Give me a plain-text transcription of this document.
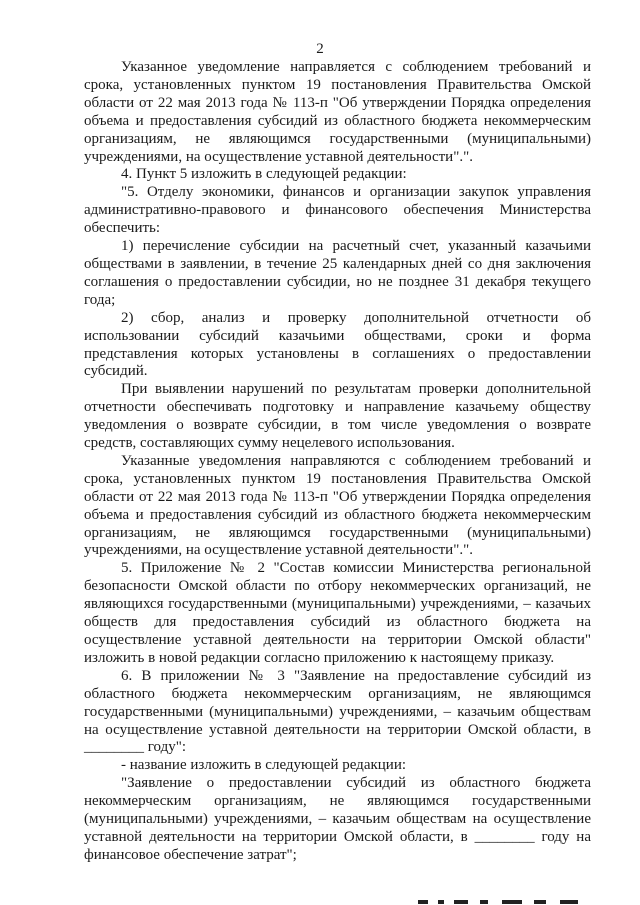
2

Указанное уведомление направляется с соблюдением требований и срока, установленных пунктом 19 постановления Правительства Омской области от 22 мая 2013 года № 113-п "Об утверждении Порядка определения объема и предоставления субсидий из областного бюджета некоммерческим организациям, не являющимся государственными (муниципальными) учреждениями, на осуществление уставной деятельности".".

4. Пункт 5 изложить в следующей редакции:

"5. Отделу экономики, финансов и организации закупок управления административно-правового и финансового обеспечения Министерства обеспечить:

1) перечисление субсидии на расчетный счет, указанный казачьими обществами в заявлении, в течение 25 календарных дней со дня заключения соглашения о предоставлении субсидии, но не позднее 31 декабря текущего года;

2) сбор, анализ и проверку дополнительной отчетности об использовании субсидий казачьими обществами, сроки и форма представления которых установлены в соглашениях о предоставлении субсидий.

При выявлении нарушений по результатам проверки дополнительной отчетности обеспечивать подготовку и направление казачьему обществу уведомления о возврате субсидии, в том числе уведомления о возврате средств, составляющих сумму нецелевого использования.

Указанные уведомления направляются с соблюдением требований и срока, установленных пунктом 19 постановления Правительства Омской области от 22 мая 2013 года № 113-п "Об утверждении Порядка определения объема и предоставления субсидий из областного бюджета некоммерческим организациям, не являющимся государственными (муниципальными) учреждениями, на осуществление уставной деятельности".".

5. Приложение № 2 "Состав комиссии Министерства региональной безопасности Омской области по отбору некоммерческих организаций, не являющихся государственными (муниципальными) учреждениями, – казачьих обществ для предоставления субсидий из областного бюджета на осуществление уставной деятельности на территории Омской области" изложить в новой редакции согласно приложению к настоящему приказу.

6. В приложении № 3 "Заявление на предоставление субсидий из областного бюджета некоммерческим организациям, не являющимся государственными (муниципальными) учреждениями, – казачьим обществам на осуществление уставной деятельности на территории Омской области, в ________ году":

- название изложить в следующей редакции:

"Заявление о предоставлении субсидий из областного бюджета некоммерческим организациям, не являющимся государственными (муниципальными) учреждениями, – казачьим обществам на осуществление уставной деятельности на территории Омской области, в ________ году на финансовое обеспечение затрат";
